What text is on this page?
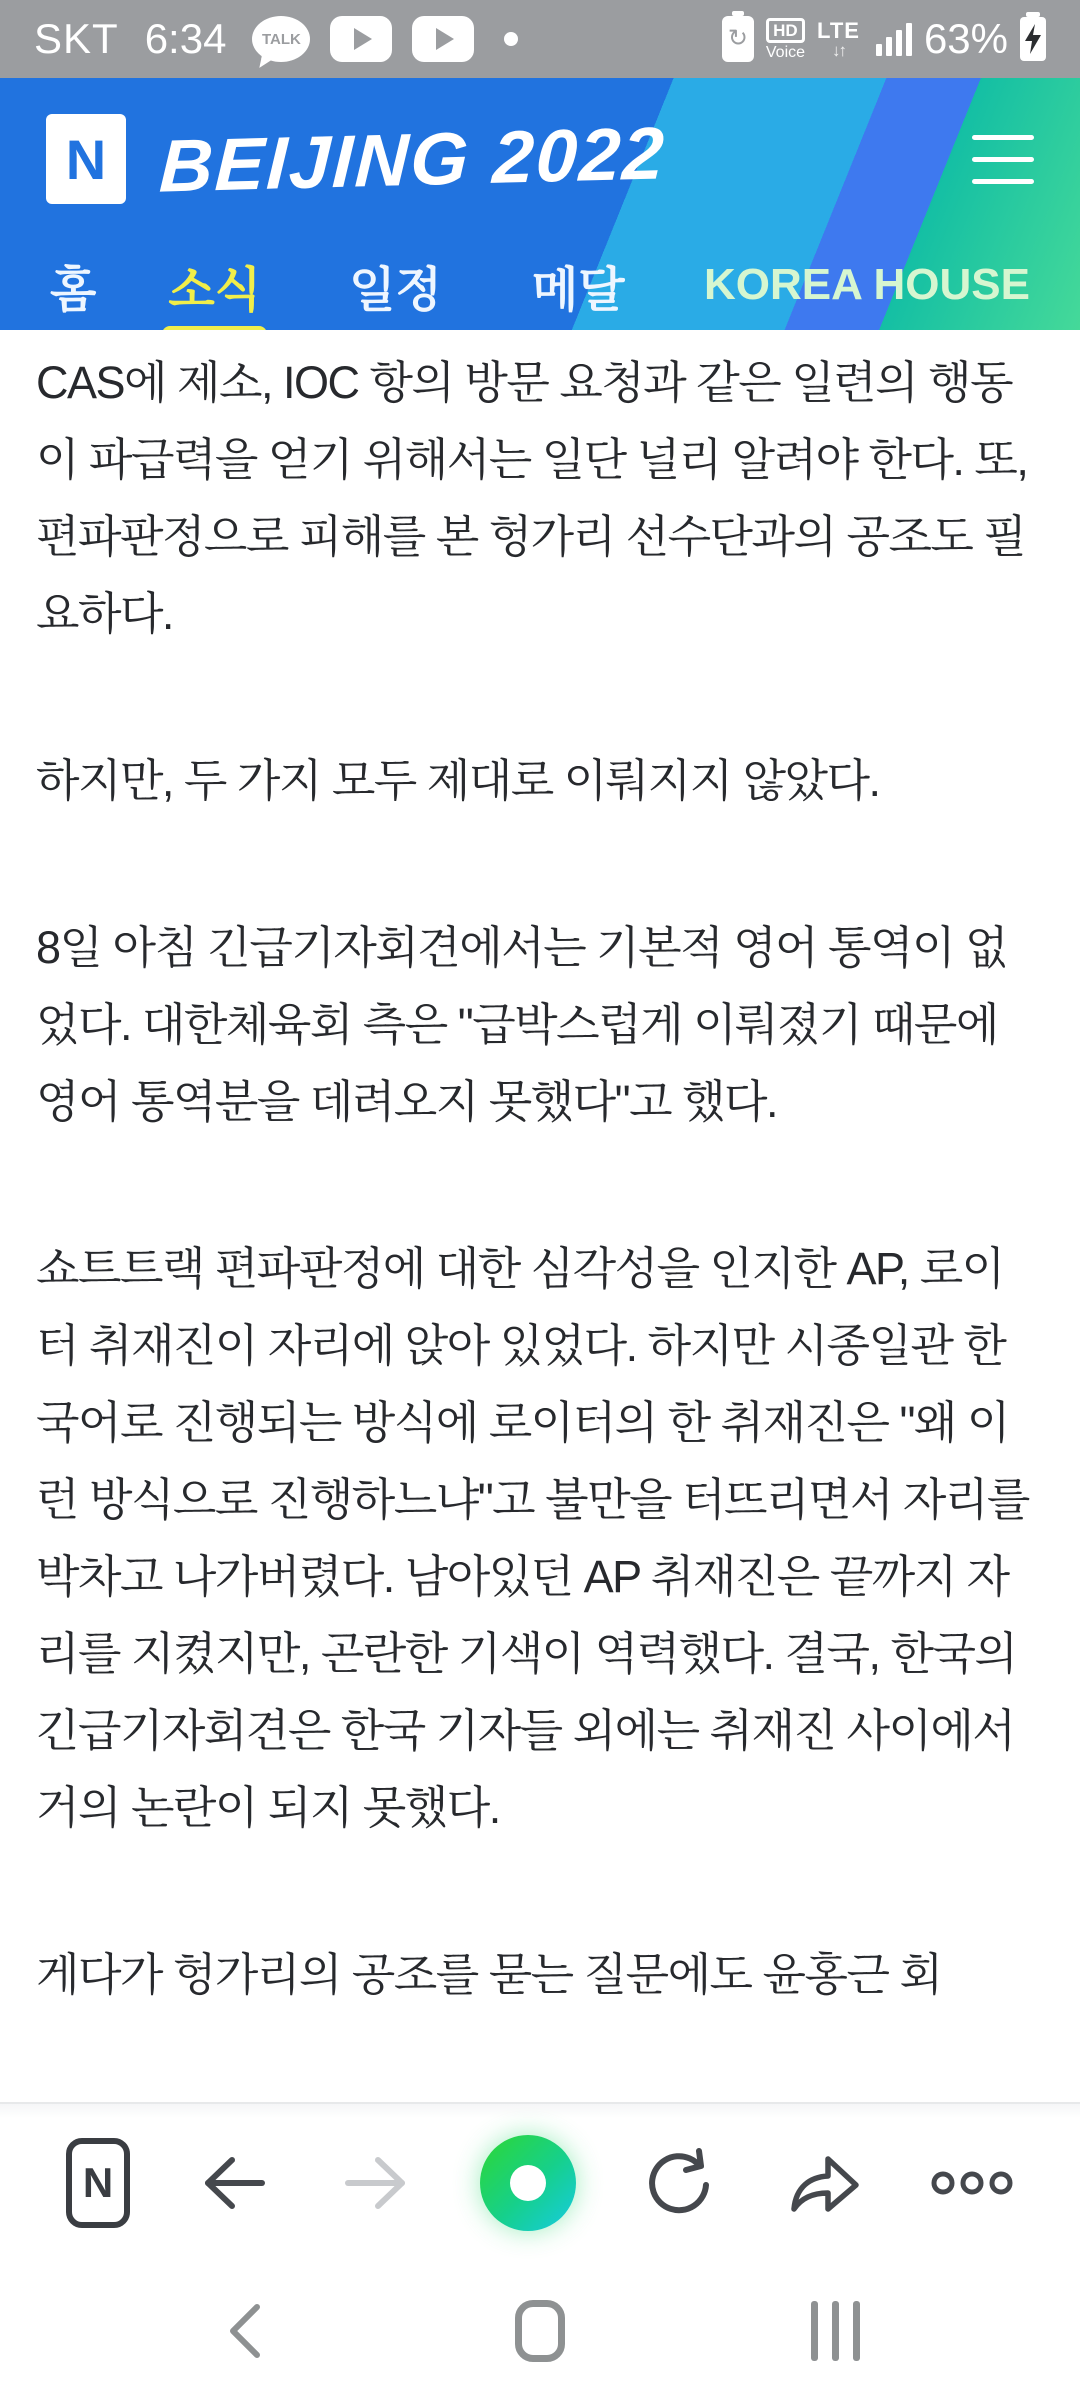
SKT 6:34 TALK	↻	HD
Voice
LTE
↓↑ 63%
N BEIJING 2022
홈 소식 일정 메달 KOREA HOUSE

CAS에 제소, IOC 항의 방문 요청과 같은 일련의 행동이 파급력을 얻기 위해서는 일단 널리 알려야 한다. 또, 편파판정으로 피해를 본 헝가리 선수단과의 공조도 필요하다.

하지만, 두 가지 모두 제대로 이뤄지지 않았다.

8일 아침 긴급기자회견에서는 기본적 영어 통역이 없었다. 대한체육회 측은 "급박스럽게 이뤄졌기 때문에 영어 통역분을 데려오지 못했다"고 했다.

쇼트트랙 편파판정에 대한 심각성을 인지한 AP, 로이터 취재진이 자리에 앉아 있었다. 하지만 시종일관 한국어로 진행되는 방식에 로이터의 한 취재진은 "왜 이런 방식으로 진행하느냐"고 불만을 터뜨리면서 자리를 박차고 나가버렸다. 남아있던 AP 취재진은 끝까지 자리를 지켰지만, 곤란한 기색이 역력했다. 결국, 한국의 긴급기자회견은 한국 기자들 외에는 취재진 사이에서 거의 논란이 되지 못했다.

게다가 헝가리의 공조를 묻는 질문에도 윤홍근 회

N
